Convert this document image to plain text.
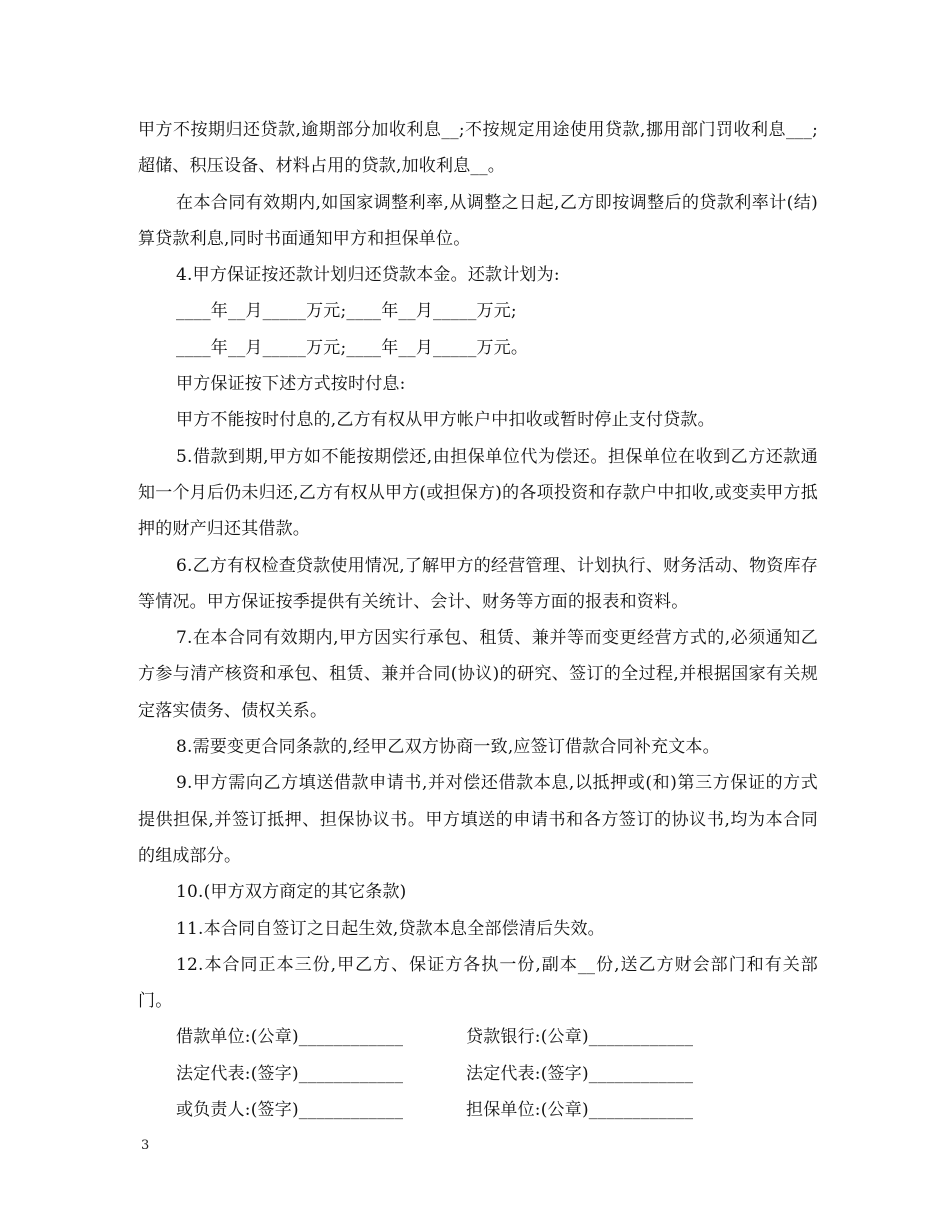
甲方不按期归还贷款,逾期部分加收利息__;不按规定用途使用贷款,挪用部门罚收利息___;超储、积压设备、材料占用的贷款,加收利息__。

在本合同有效期内,如国家调整利率,从调整之日起,乙方即按调整后的贷款利率计(结)算贷款利息,同时书面通知甲方和担保单位。

4.甲方保证按还款计划归还贷款本金。还款计划为:

____年__月_____万元;____年__月_____万元;

____年__月_____万元;____年__月_____万元。

甲方保证按下述方式按时付息:

甲方不能按时付息的,乙方有权从甲方帐户中扣收或暂时停止支付贷款。

5.借款到期,甲方如不能按期偿还,由担保单位代为偿还。担保单位在收到乙方还款通知一个月后仍未归还,乙方有权从甲方(或担保方)的各项投资和存款户中扣收,或变卖甲方抵押的财产归还其借款。

6.乙方有权检查贷款使用情况,了解甲方的经营管理、计划执行、财务活动、物资库存等情况。甲方保证按季提供有关统计、会计、财务等方面的报表和资料。

7.在本合同有效期内,甲方因实行承包、租赁、兼并等而变更经营方式的,必须通知乙方参与清产核资和承包、租赁、兼并合同(协议)的研究、签订的全过程,并根据国家有关规定落实债务、债权关系。

8.需要变更合同条款的,经甲乙双方协商一致,应签订借款合同补充文本。

9.甲方需向乙方填送借款申请书,并对偿还借款本息,以抵押或(和)第三方保证的方式提供担保,并签订抵押、担保协议书。甲方填送的申请书和各方签订的协议书,均为本合同的组成部分。

10.(甲方双方商定的其它条款)

11.本合同自签订之日起生效,贷款本息全部偿清后失效。

12.本合同正本三份,甲乙方、保证方各执一份,副本__份,送乙方财会部门和有关部门。

借款单位:(公章)____________	贷款银行:(公章)____________
法定代表:(签字)____________	法定代表:(签字)____________
或负责人:(签字)____________	担保单位:(公章)____________
3
